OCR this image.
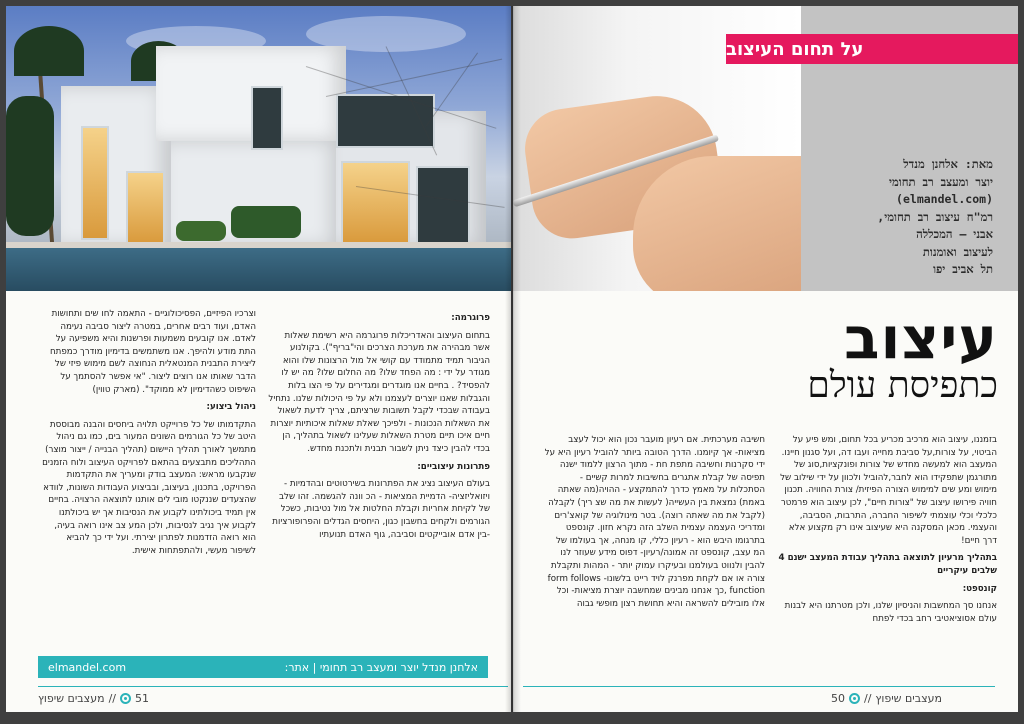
פרוגרמה:

בתחום העיצוב והאדריכלות פרוגרמה היא רשימת שאלות אשר מבהירה את מערכת הצרכים והי"בריף"). בקולנוע הגיבור תמיד מתמודד עם קושי אל מול הרצונות שלו והוא מגודר על ידי : מה הפחד שלו? מה החלום שלו? מה יש לו להפסיד? . בחיים אנו מוגדרים ומגדירים על פי הצו בלות והגבלות שאנו יוצרים לעצמנו ולא על פי היכולות שלנו. נתחיל בעבודה שבכדי לקבל תשובות שרציתם, צריך לדעת לשאול את השאלות הנכונות - ולפיכך שאלת שאלות איכותיות יוצרות חיים איכו תיים מטרת השאלות שעלינו לשאול בתהליך, הן בכדי להבין כיצד ניתן לשבור תבנית ולתכנת מחדש.

פתרונות עיצוביים:

בעולם העיצוב נציג את הפתרונות בשירטוטים ובהדמיות - ויזואליזציה- הדמיית המציאות - הכ וונה להגשמה. זהו שלב של לקיחת אחריות וקבלת החלטות אל מול נטיבות, כשכל הגורמים ולקחים בחשבון כגון, היחסים הגדלים והפרופורציות -בין אדם אובייקטים וסביבה, גוף האדם תנועתיו

וצרכיו הפיזיים, הפסיכולוגיים - התאמה לחו שים ותחושות האדם, ועוד רבים אחרים, במטרה ליצור סביבה נעימה לאדם. אנו קובעים משמעות ופרשנות והיא משפיעה על התת מודע ולהיפך. אנו משתמשים בדימיון מודרך כמפתח ליצירת התבנית המנטאלית הנחוצה לשם מימוש פיזי של הדבר שאותו אנו רוצים ליצור. "אי אפשר להסתמך על השיפוט כשהדימיון לא ממוקד". (מארק טווין)

ניהול ביצוע:

התקדמותו של כל פרוייקט תלויה ביחסים והבנה מבוססת היטב של כל הגורמים השונים המעור בים, כמו גם ניהול מתמשך לאורך תהליך היישום (תהליך הבנייה / ייצור מוצר) התהליכים מתבצעים בהתאם לפרויקט העיצוב ולוח הזמנים שנקבעו מראש: המעצב בודק ומעריך את התקדמות הפרויקט, בתכנון, בעיצוב, ובביצוע העבודות השונות, לוודא שהצעדים שננקטו מובי לים אותנו לתוצאה הרצויה. בחיים אין תמיד ביכולתינו לקבוע את הנסיבות אך יש ביכולתנו לקבוע איך נגיב לנסיבות, ולכן המע צב אינו רואה בעיה, הוא רואה הזדמנות לפתרון יצירתי. ועל ידי כך להביא לשיפור מעשי, ולהתפתחות אישית.

elmandel.com	אלחנן מנדל יוצר ומעצב רב תחומי | אתר:
51
//
מעצבים שיפוץ
על תחום העיצוב
מאת: אלחנן מנדל
יוצר ומעצב רב תחומי
(elmandel.com)
רמ"ח עיצוב רב תחומי,
אבני – המכללה
לעיצוב ואומנות
תל אביב יפו
עיצוב
כתפיסת עולם

בזמננו, עיצוב הוא מרכיב מכריע בכל תחום, ומש פיע על הביטוי, על צורות,על סביבת מחייה ועבו דה, ועל סגנון חיינו. המעצב הוא למעשה מחדש של צורות ופונקציות,סוג של מתורגמן שתפקידו הוא לחבר,להוביל ולכוון על ידי שילוב של מימוש ומע שים למימוש הצורה הפיזית/ צורת החוויה. תכנון חוויה פירושו עיצוב של "צורות חיים", לכן עיצוב הוא פרמטר כלכלי וכלי עוצמתי לשיפור החברה, התרבות, הסביבה, והעצמי. מכאן המסקנה היא שעיצוב אינו רק מקצוע אלא דרך חיים!

בתהליך מרעיון לתוצאה בתהליך עבודת המעצב ישנם 4 שלבים עיקריים

קונספט:

אנחנו סך המחשבות והניסיון שלנו, ולכן מטרתנו היא לבנות עולם אסוציאטיבי רחב בכדי לפתח

חשיבה מערכתית. אם רעיון מועבר נכון הוא יכול לעצב מציאות- אך קיומנו. הדרך הטובה ביותר להוביל רעיון היא על ידי סקרנות וחשיבה מתפת חת - מתוך הרצון ללמוד ישנה תפיסה של קבלת אתגרים בחשיבות למרות קשיים - הסתכלות על מאמץ כדרך להתמקצע - ההויה(מה שאתה באמת) נמצאת בין העשייה( לעשות את מה שצ ריך) לקבלה (לקבל את מה שאתה רוצה). בטר מינולוגיה של קואצ'רים ומדריכי העצמה עצמית השלב הזה נקרא חזון. קונספט בתרגומו היבש הוא - רעיון כללי, קו מנחה, אך בעולמו של המ עצב, קונספט זה אמונה/רעיון- דפוס מידע שעוזר לנו להבין ולנווט בעולמנו ובעיקרו עמוק יותר - המהות ותקבלת צורה או אם לקחת מפרנק לויד רייט בלשונו- form follows function ,כך אנחנו מבינים שמחשבה יוצרת מציאות- וכל אלו מובילים להשראה והיא תחושת רצון מופשי גבוה

מעצבים שיפוץ
//
50
